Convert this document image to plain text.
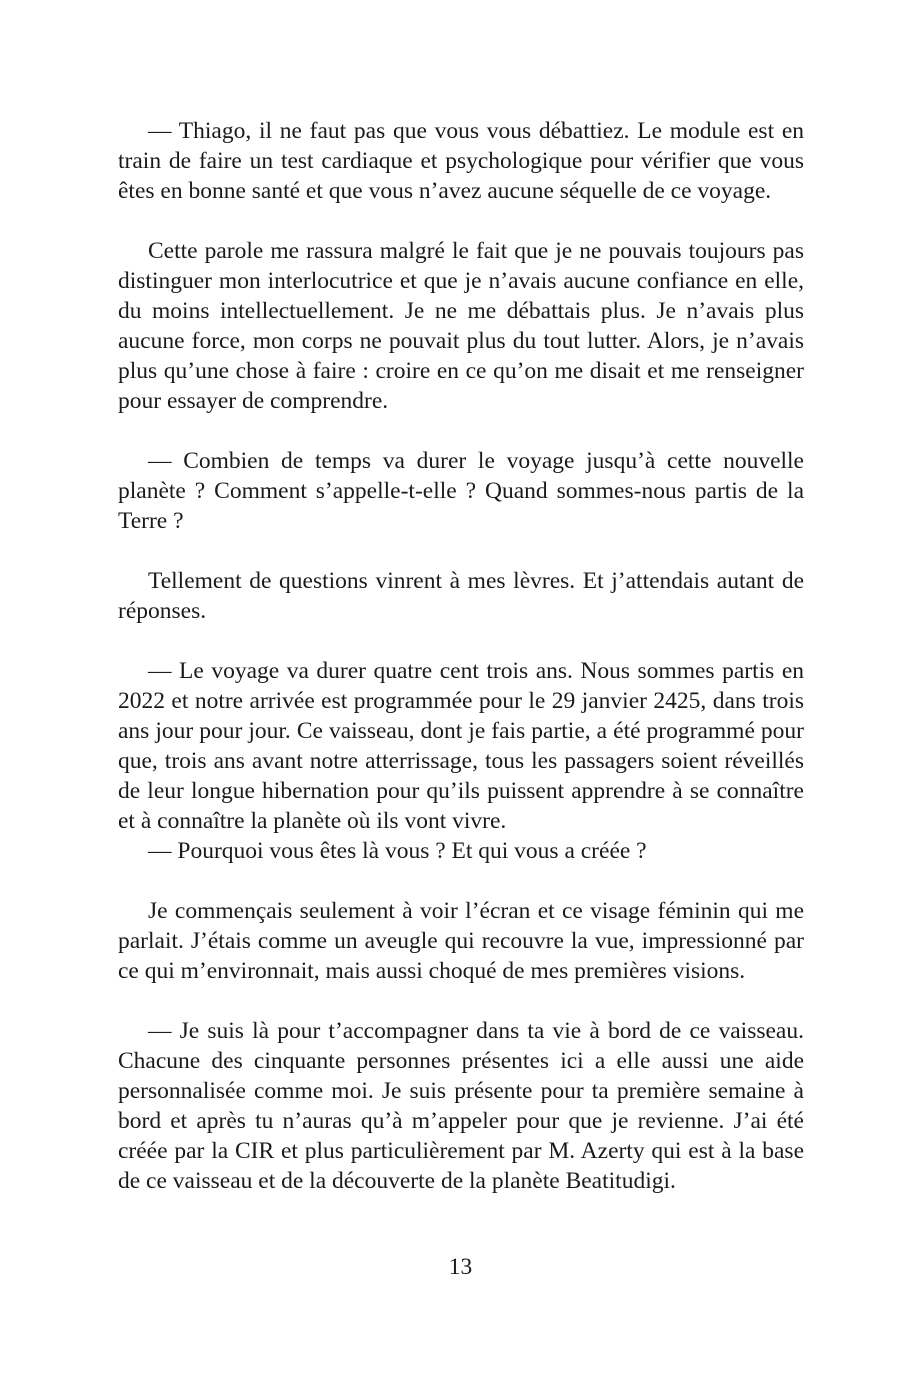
— Thiago, il ne faut pas que vous vous débattiez. Le module est en train de faire un test cardiaque et psychologique pour vérifier que vous êtes en bonne santé et que vous n’avez aucune séquelle de ce voyage.

Cette parole me rassura malgré le fait que je ne pouvais toujours pas distinguer mon interlocutrice et que je n’avais aucune confiance en elle, du moins intellectuellement. Je ne me débattais plus. Je n’avais plus aucune force, mon corps ne pouvait plus du tout lutter. Alors, je n’avais plus qu’une chose à faire : croire en ce qu’on me disait et me renseigner pour essayer de comprendre.

— Combien de temps va durer le voyage jusqu’à cette nouvelle planète ? Comment s’appelle-t-elle ? Quand sommes-nous partis de la Terre ?

Tellement de questions vinrent à mes lèvres. Et j’attendais autant de réponses.

— Le voyage va durer quatre cent trois ans. Nous sommes partis en 2022 et notre arrivée est programmée pour le 29 janvier 2425, dans trois ans jour pour jour. Ce vaisseau, dont je fais partie, a été programmé pour que, trois ans avant notre atterrissage, tous les passagers soient réveillés de leur longue hibernation pour qu’ils puissent apprendre à se connaître et à connaître la planète où ils vont vivre.

— Pourquoi vous êtes là vous ? Et qui vous a créée ?

Je commençais seulement à voir l’écran et ce visage féminin qui me parlait. J’étais comme un aveugle qui recouvre la vue, impressionné par ce qui m’environnait, mais aussi choqué de mes premières visions.

— Je suis là pour t’accompagner dans ta vie à bord de ce vaisseau. Chacune des cinquante personnes présentes ici a elle aussi une aide personnalisée comme moi. Je suis présente pour ta première semaine à bord et après tu n’auras qu’à m’appeler pour que je revienne. J’ai été créée par la CIR et plus particulièrement par M. Azerty qui est à la base de ce vaisseau et de la découverte de la planète Beatitudigi.

13
